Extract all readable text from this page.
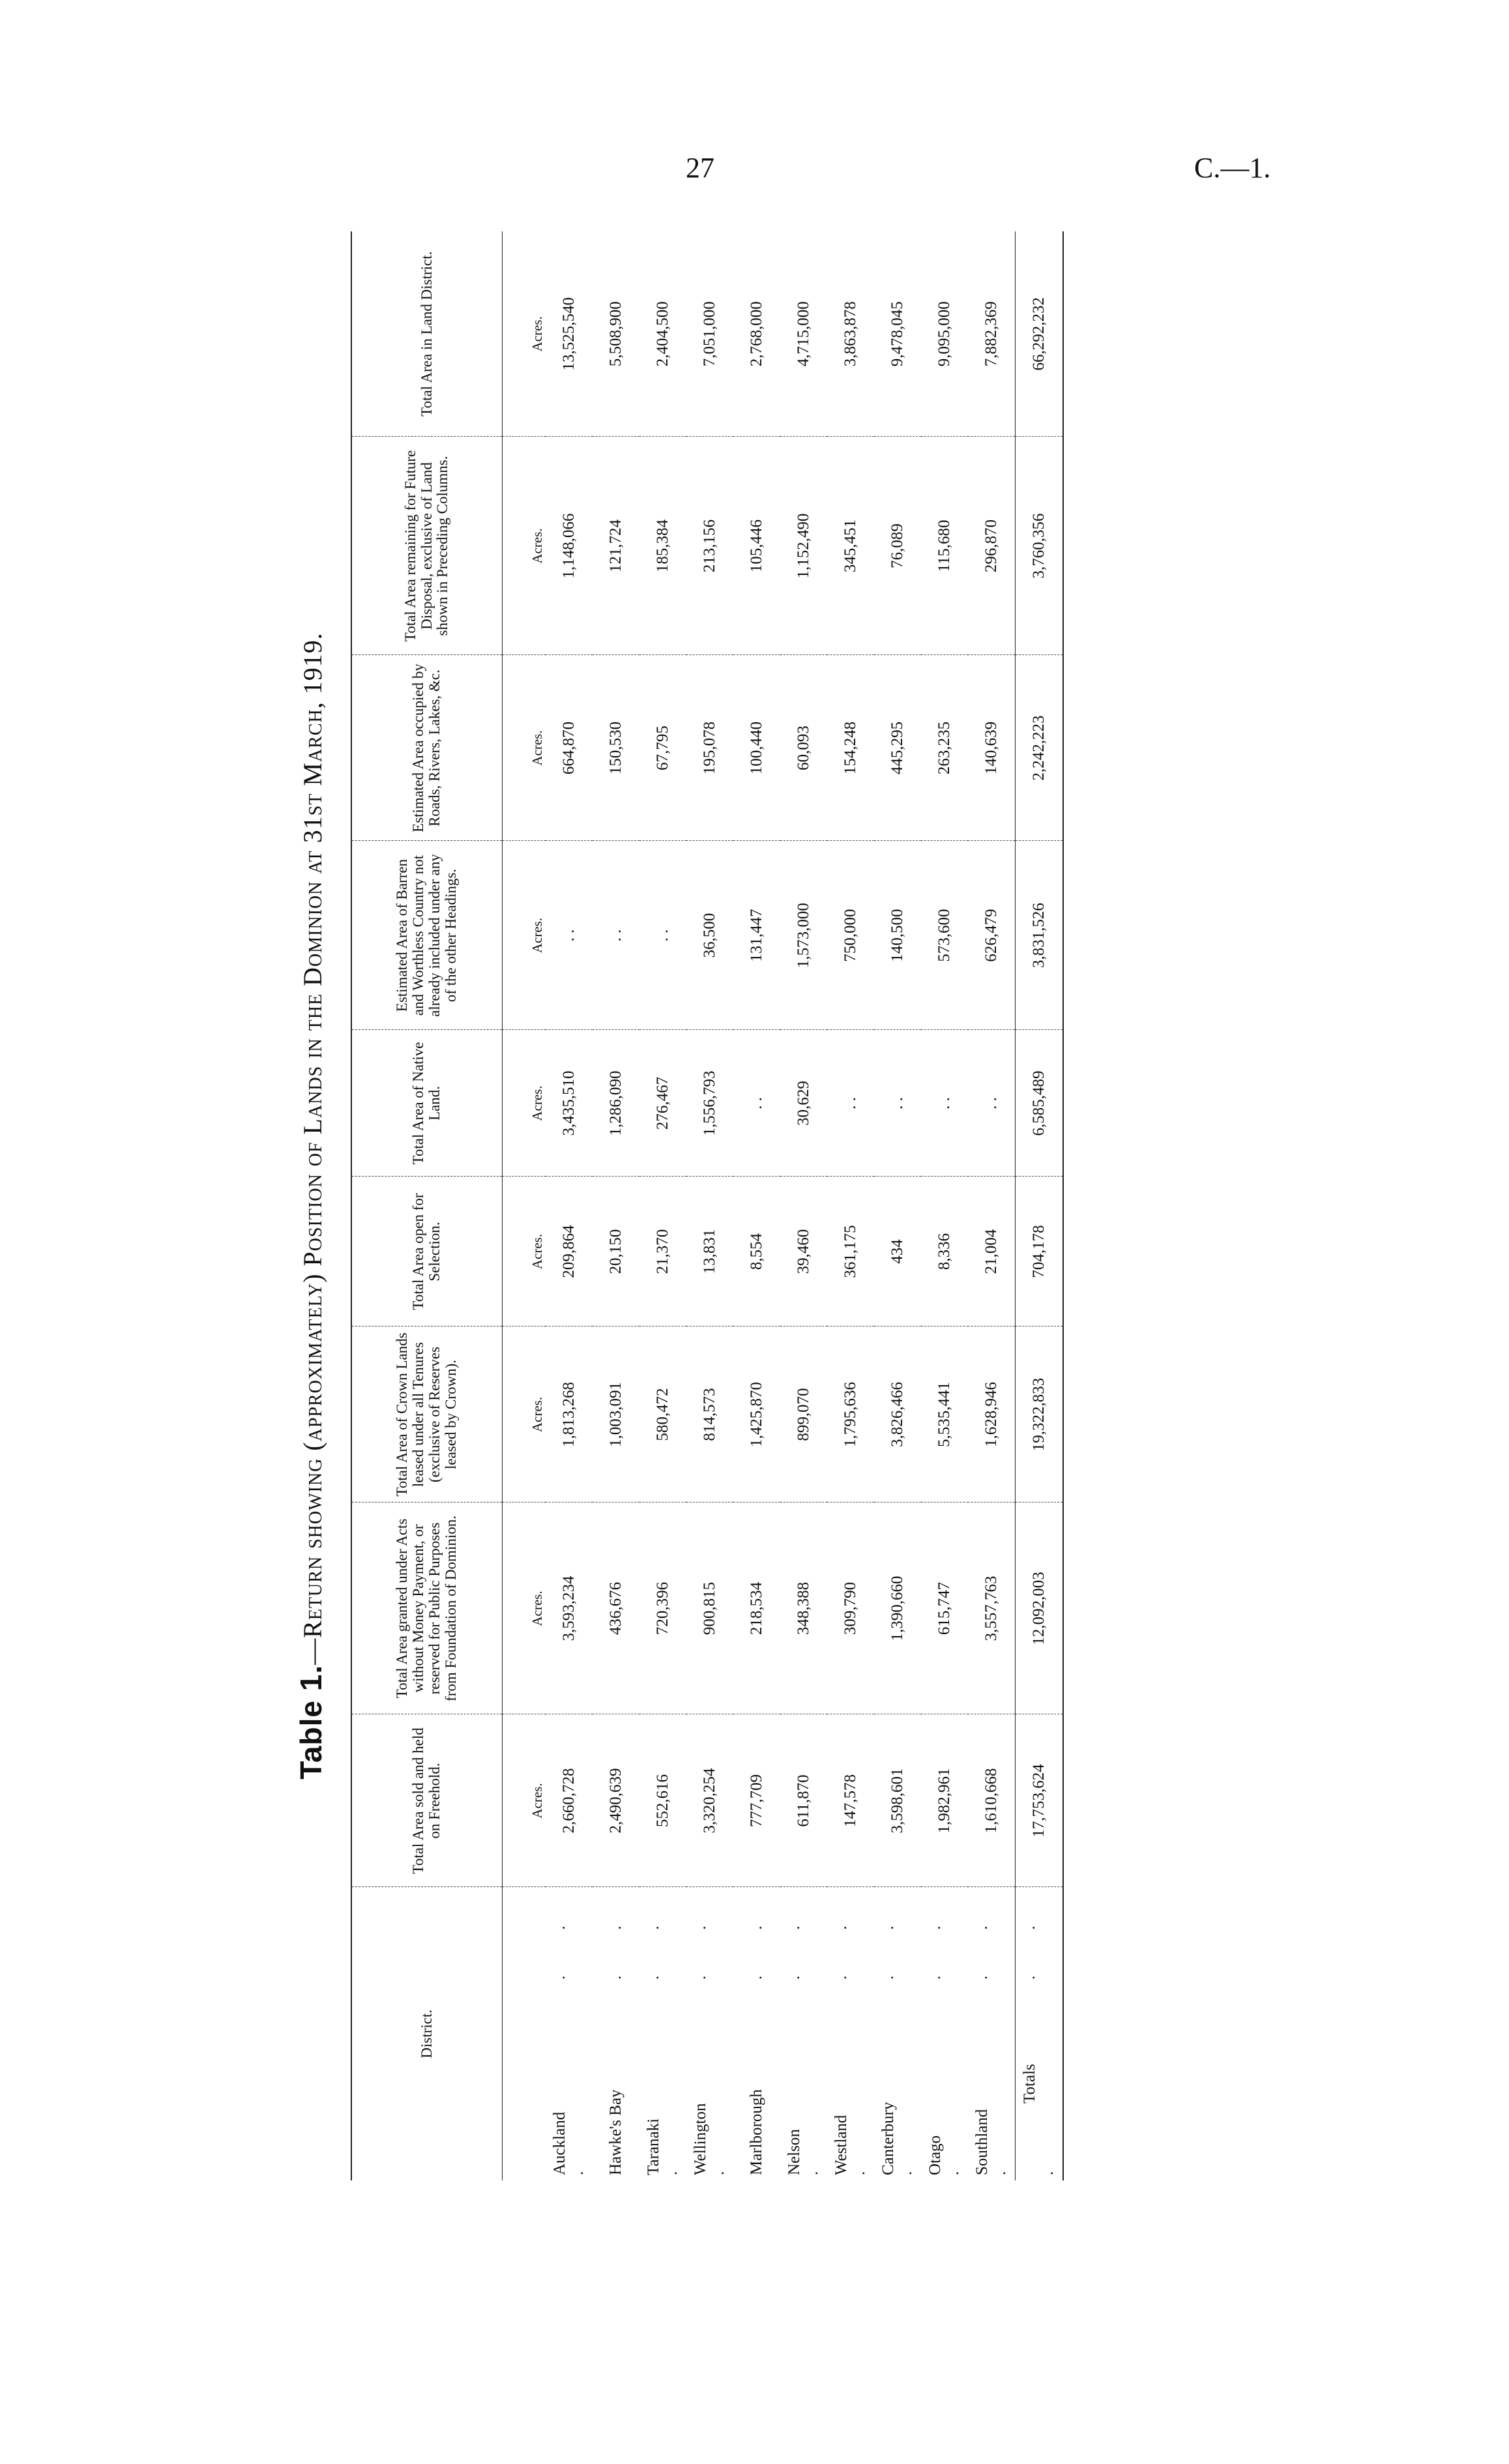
27	C.—1.
Table 1.—Return showing (approximately) Position of Lands in the Dominion at 31st March, 1919.
District.	Total Area sold and held on Freehold.	Total Area granted under Acts without Money Payment, or reserved for Public Purposes from Foundation of Dominion.	Total Area of Crown Lands leased under all Tenures (exclusive of Reserves leased by Crown).	Total Area open for Selection.	Total Area of Native Land.	Estimated Area of Barren and Worthless Country not already included under any of the other Headings.	Estimated Area occupied by Roads, Rivers, Lakes, &c.	Total Area remaining for Future Disposal, exclusive of Land shown in Preceding Columns.	Total Area in Land District.
	Acres.	Acres.	Acres.	Acres.	Acres.	Acres.	Acres.	Acres.	Acres.
Auckland. . .	2,660,728	3,593,234	1,813,268	209,864	3,435,510	. .	664,870	1,148,066	13,525,540
Hawke's Bay. .	2,490,639	436,676	1,003,091	20,150	1,286,090	. .	150,530	121,724	5,508,900
Taranaki. . .	552,616	720,396	580,472	21,370	276,467	. .	67,795	185,384	2,404,500
Wellington. . .	3,320,254	900,815	814,573	13,831	1,556,793	36,500	195,078	213,156	7,051,000
Marlborough. .	777,709	218,534	1,425,870	8,554	. .	131,447	100,440	105,446	2,768,000
Nelson. . .	611,870	348,388	899,070	39,460	30,629	1,573,000	60,093	1,152,490	4,715,000
Westland. . .	147,578	309,790	1,795,636	361,175	. .	750,000	154,248	345,451	3,863,878
Canterbury. . .	3,598,601	1,390,660	3,826,466	434	. .	140,500	445,295	76,089	9,478,045
Otago. . .	1,982,961	615,747	5,535,441	8,336	. .	573,600	263,235	115,680	9,095,000
Southland. . .	1,610,668	3,557,763	1,628,946	21,004	. .	626,479	140,639	296,870	7,882,369
Totals. . .	17,753,624	12,092,003	19,322,833	704,178	6,585,489	3,831,526	2,242,223	3,760,356	66,292,232
